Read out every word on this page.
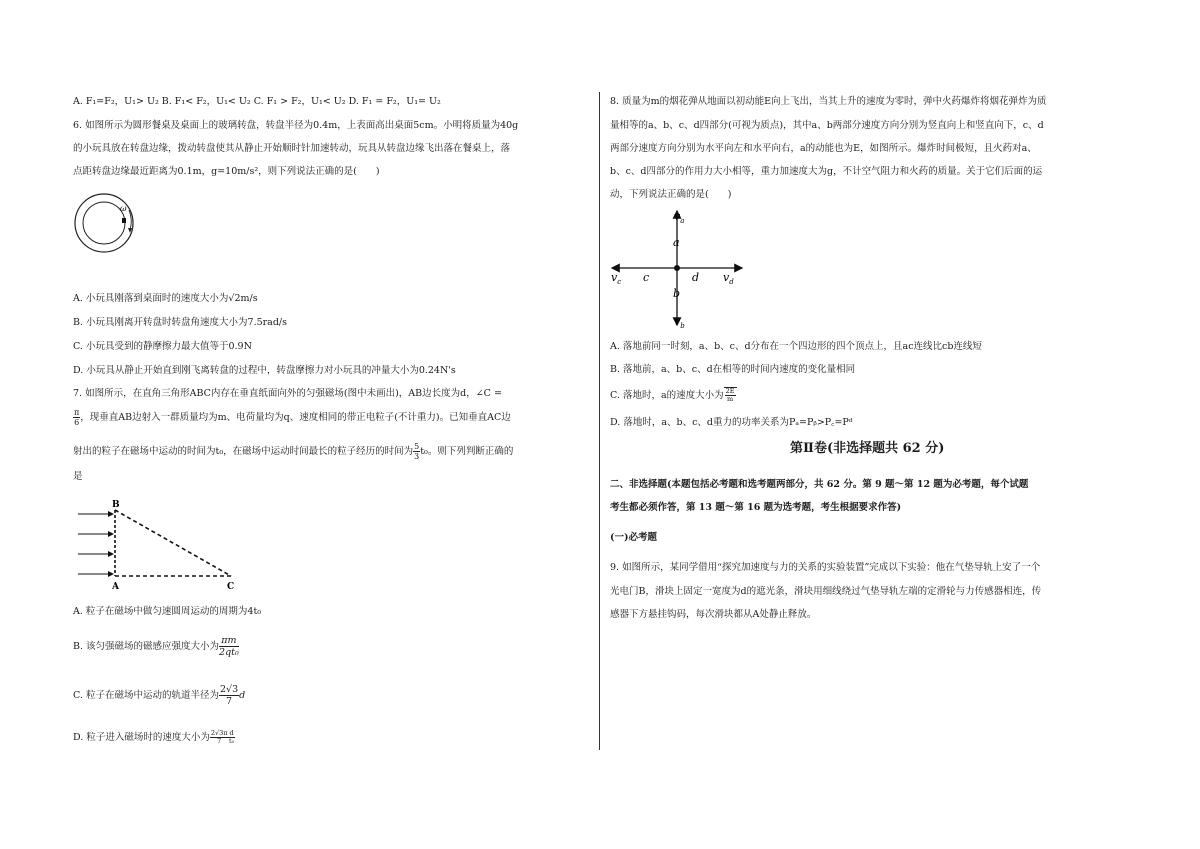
A. F₁=F₂，U₁> U₂ B. F₁< F₂，U₁< U₂ C. F₁ > F₂，U₁< U₂ D. F₁ = F₂，U₁= U₂
6. 如图所示为圆形餐桌及桌面上的玻璃转盘，转盘半径为0.4m，上表面高出桌面5cm。小明将质量为40g
的小玩具放在转盘边缘，拨动转盘使其从静止开始顺时针加速转动，玩具从转盘边缘飞出落在餐桌上，落
点距转盘边缘最近距离为0.1m，g=10m/s²，则下列说法正确的是(　　)
ω
A. 小玩具刚落到桌面时的速度大小为√2m/s
B. 小玩具刚离开转盘时转盘角速度大小为7.5rad/s
C. 小玩具受到的静摩擦力最大值等于0.9N
D. 小玩具从静止开始直到刚飞离转盘的过程中，转盘摩擦力对小玩具的冲量大小为0.24N's
7. 如图所示，在直角三角形ABC内存在垂直纸面向外的匀强磁场(图中未画出)，AB边长度为d，∠C =
$\frac{\pi}{6}$ ，现垂直AB边射入一群质量均为m、电荷量均为q、速度相同的带正电粒子(不计重力)。已知垂直AC边
射出的粒子在磁场中运动的时间为t₀，在磁场中运动时间最长的粒子经历的时间为 $\frac{5}{3} t_0$。则下列判断正确的
是
B
A	C
A. 粒子在磁场中做匀速圆周运动的周期为4t₀
B. 该匀强磁场的磁感应强度大小为 $\frac{\pi m}{\text{2qt₀}}$
C. 粒子在磁场中运动的轨道半径为 $\frac{2√3}{7}$ d
D. 粒子进入磁场时的速度大小为 $\frac{2√3\pi}{7} \frac{d}{\text{t₀}}$
8. 质量为m的烟花弹从地面以初动能E向上飞出，当其上升的速度为零时，弹中火药爆炸将烟花弹炸为质
量相等的a、b、c、d四部分(可视为质点)，其中a、b两部分速度方向分别为竖直向上和竖直向下，c、d
两部分速度方向分别为水平向左和水平向右，a的动能也为E，如图所示。爆炸时间极短，且火药对a、
b、c、d四部分的作用力大小相等，重力加速度大为g，不计空气阻力和火药的质量。关于它们后面的运
动，下列说法正确的是(　　)
$v_a$
a
b
$v_b$
$v_c$ c	d $v_d$
A. 落地前同一时刻，a、b、c、d分布在一个四边形的四个顶点上，且ac连线比cb连线短
B. 落地前，a、b、c、d在相等的时间内速度的变化量相同
C. 落地时，a的速度大小为 $\frac{2E}{m}$
D. 落地时，a、b、c、d重力的功率关系为Pₐ=Pᵦ>P꜀=Pᵈ
第Ⅱ卷(非选择题共 62 分)
二、非选择题(本题包括必考题和选考题两部分，共 62 分。第 9 题～第 12 题为必考题，每个试题
考生都必须作答，第 13 题～第 16 题为选考题，考生根据要求作答)
(一)必考题
9. 如图所示，某同学借用“探究加速度与力的关系的实验装置”完成以下实验：他在气垫导轨上安了一个
光电门B，滑块上固定一宽度为d的遮光条，滑块用细线绕过气垫导轨左端的定滑轮与力传感器相连，传
感器下方悬挂钩码，每次滑块都从A处静止释放。
